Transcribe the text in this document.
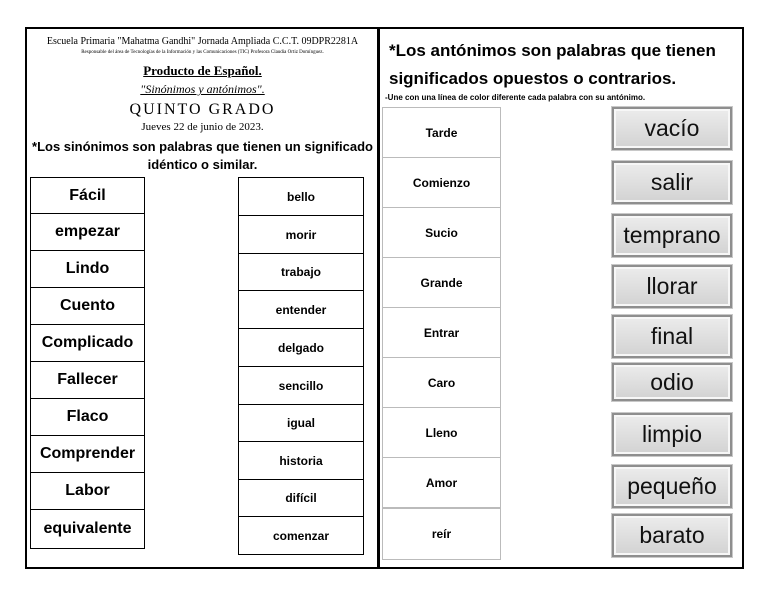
Escuela Primaria "Mahatma Gandhi" Jornada Ampliada C.C.T. 09DPR2281A
Responsable del área de Tecnologías de la Información y las Comunicaciones (TIC) Profesora Claudia Ortiz Domínguez.
Producto de Español.
"Sinónimos y antónimos".
QUINTO GRADO
Jueves 22 de junio de 2023.
*Los sinónimos son palabras que tienen un significado idéntico o similar.
Fácil
empezar
Lindo
Cuento
Complicado
Fallecer
Flaco
Comprender
Labor
equivalente
bello
morir
trabajo
entender
delgado
sencillo
igual
historia
difícil
comenzar
*Los antónimos son palabras que tienen significados opuestos o contrarios.
-Une con una línea de color diferente cada palabra con su antónimo.
Tarde
Comienzo
Sucio
Grande
Entrar
Caro
Lleno
Amor
reír
vacío
salir
temprano
llorar
final
odio
limpio
pequeño
barato
